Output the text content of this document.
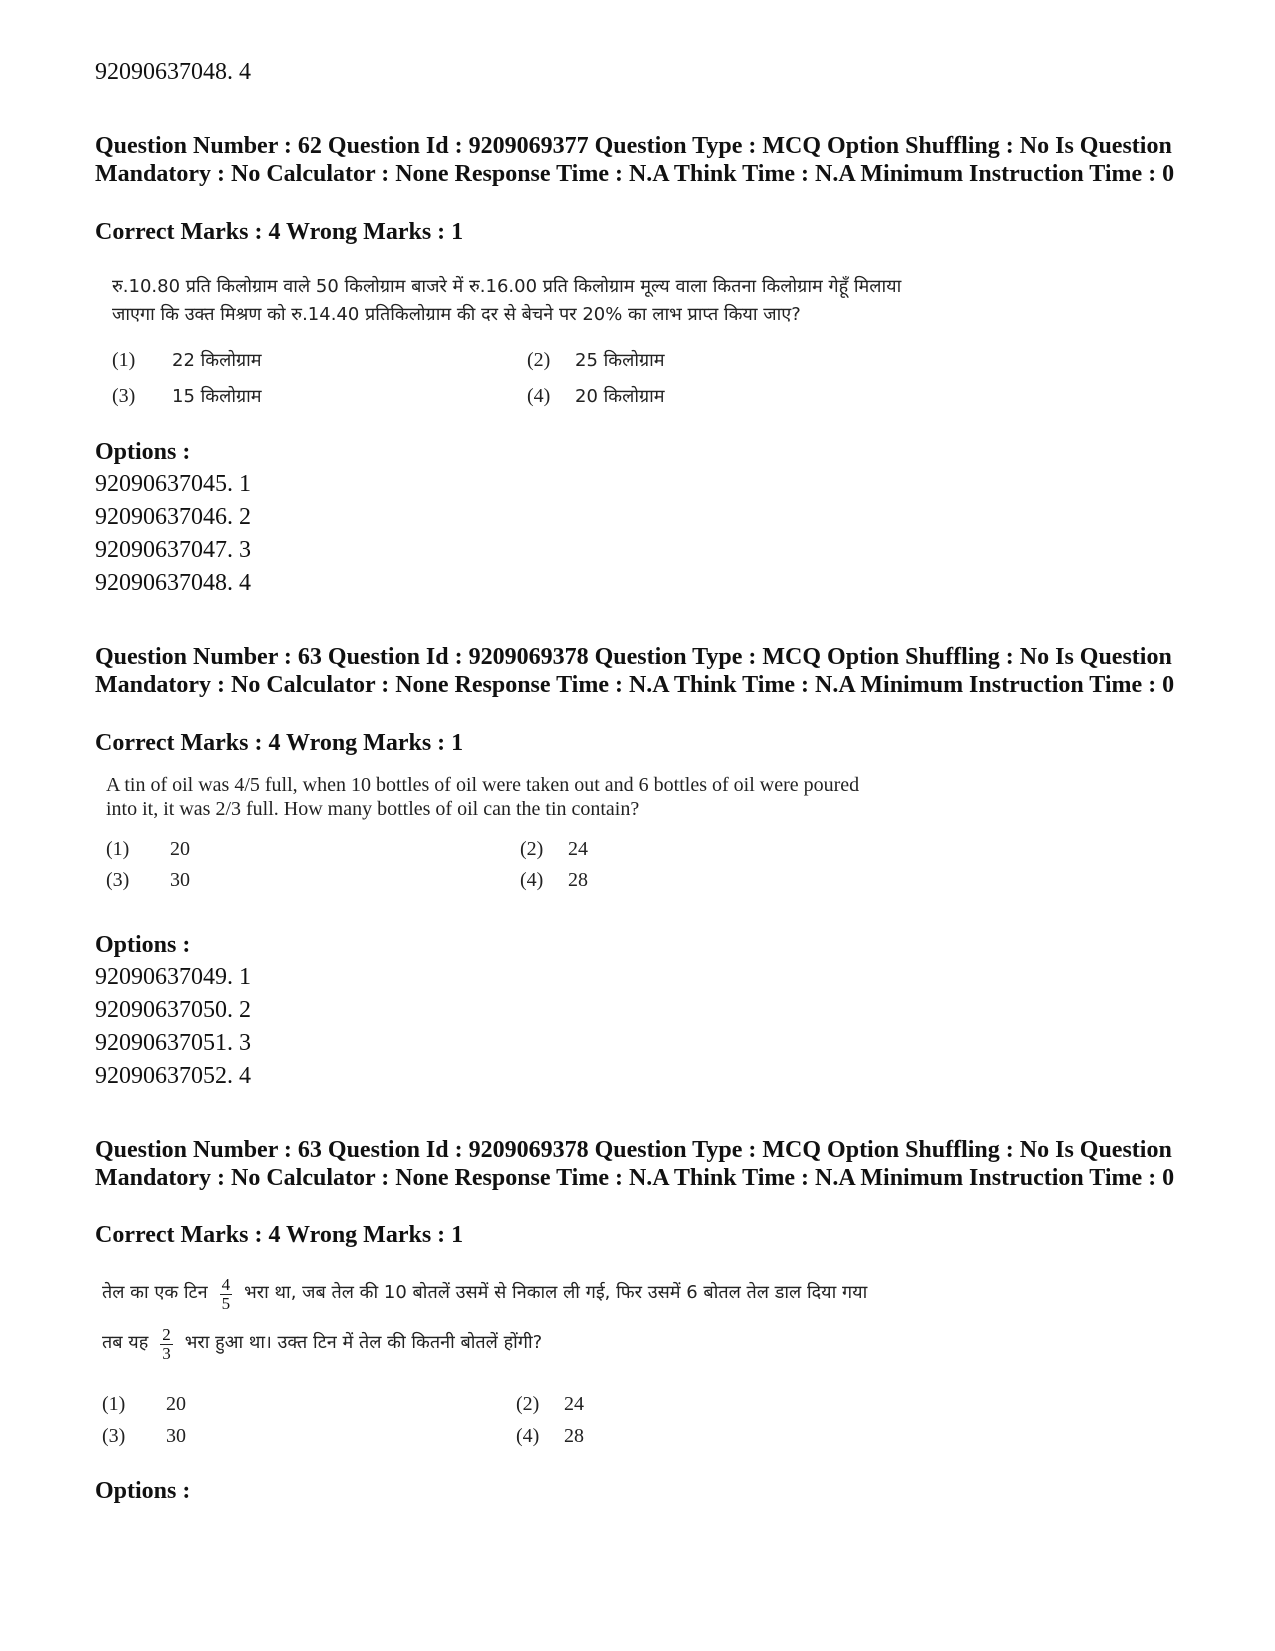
92090637048. 4
Question Number : 62 Question Id : 9209069377 Question Type : MCQ Option Shuffling : No Is Question Mandatory : No Calculator : None Response Time : N.A Think Time : N.A Minimum Instruction Time : 0
Correct Marks : 4 Wrong Marks : 1
रु.10.80 प्रति किलोग्राम वाले 50 किलोग्राम बाजरे में रु.16.00 प्रति किलोग्राम मूल्य वाला कितना किलोग्राम गेहूँ मिलाया
जाएगा कि उक्त मिश्रण को रु.14.40 प्रतिकिलोग्राम की दर से बेचने पर 20% का लाभ प्राप्त किया जाए?
(1) 22 किलोग्राम	(2) 25 किलोग्राम
(3) 15 किलोग्राम	(4) 20 किलोग्राम
Options :
92090637045. 1
92090637046. 2
92090637047. 3
92090637048. 4
Question Number : 63 Question Id : 9209069378 Question Type : MCQ Option Shuffling : No Is Question Mandatory : No Calculator : None Response Time : N.A Think Time : N.A Minimum Instruction Time : 0
Correct Marks : 4 Wrong Marks : 1
A tin of oil was 4/5 full, when 10 bottles of oil were taken out and 6 bottles of oil were poured
into it, it was 2/3 full. How many bottles of oil can the tin contain?
(1) 20	(2) 24
(3) 30	(4) 28
Options :
92090637049. 1
92090637050. 2
92090637051. 3
92090637052. 4
Question Number : 63 Question Id : 9209069378 Question Type : MCQ Option Shuffling : No Is Question Mandatory : No Calculator : None Response Time : N.A Think Time : N.A Minimum Instruction Time : 0
Correct Marks : 4 Wrong Marks : 1
तेल का एक टिन $\frac{4}{5}$ भरा था, जब तेल की 10 बोतलें उसमें से निकाल ली गई, फिर उसमें 6 बोतल तेल डाल दिया गया
तब यह $\frac{2}{3}$ भरा हुआ था। उक्त टिन में तेल की कितनी बोतलें होंगी?
(1) 20	(2) 24
(3) 30	(4) 28
Options :
